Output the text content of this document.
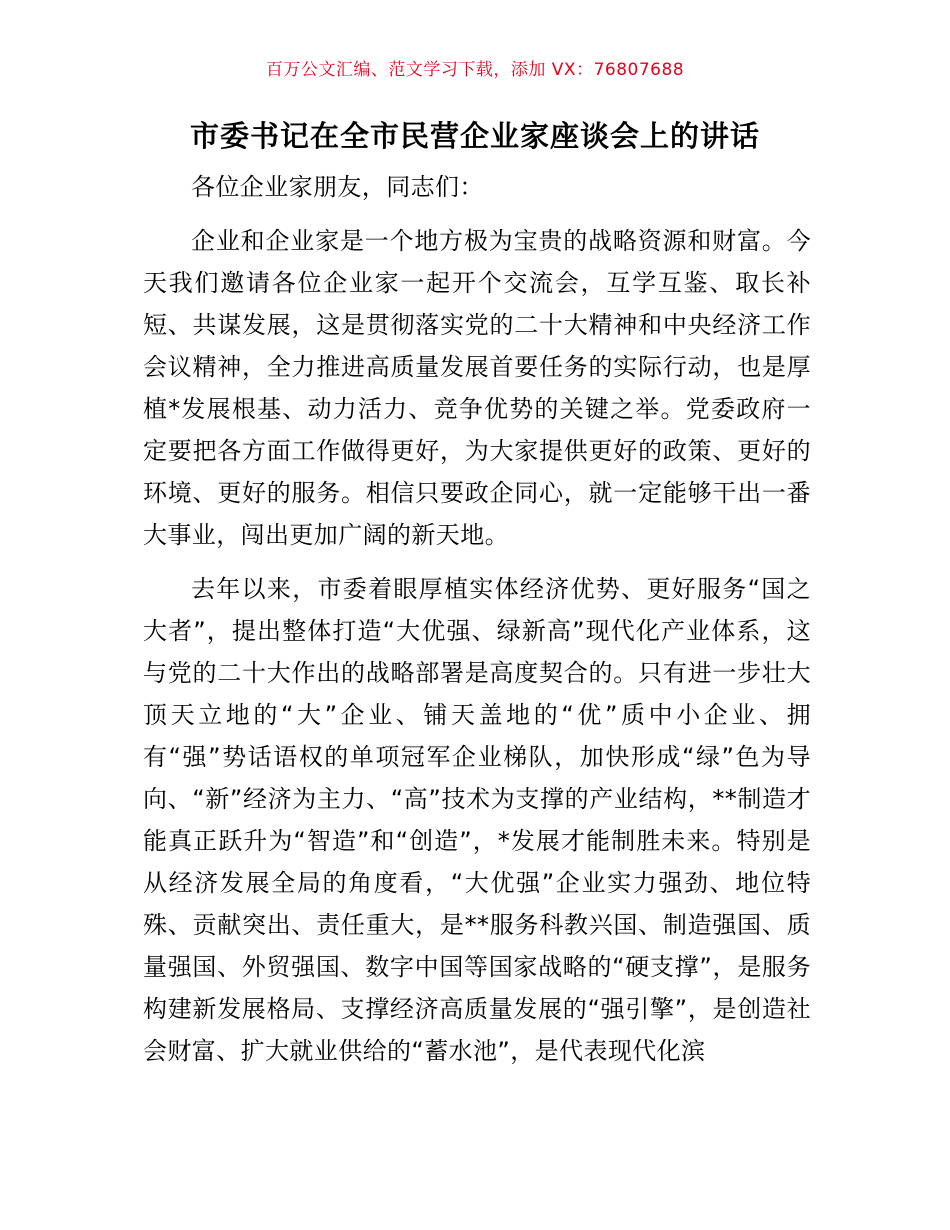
百万公文汇编、范文学习下载，添加 VX：76807688
市委书记在全市民营企业家座谈会上的讲话

各位企业家朋友，同志们：

企业和企业家是一个地方极为宝贵的战略资源和财富。今天我们邀请各位企业家一起开个交流会，互学互鉴、取长补短、共谋发展，这是贯彻落实党的二十大精神和中央经济工作会议精神，全力推进高质量发展首要任务的实际行动，也是厚植*发展根基、动力活力、竞争优势的关键之举。党委政府一定要把各方面工作做得更好，为大家提供更好的政策、更好的环境、更好的服务。相信只要政企同心，就一定能够干出一番大事业，闯出更加广阔的新天地。

去年以来，市委着眼厚植实体经济优势、更好服务“国之大者”，提出整体打造“大优强、绿新高”现代化产业体系，这与党的二十大作出的战略部署是高度契合的。只有进一步壮大顶天立地的“大”企业、铺天盖地的“优”质中小企业、拥有“强”势话语权的单项冠军企业梯队，加快形成“绿”色为导向、“新”经济为主力、“高”技术为支撑的产业结构，**制造才能真正跃升为“智造”和“创造”，*发展才能制胜未来。特别是从经济发展全局的角度看，“大优强”企业实力强劲、地位特殊、贡献突出、责任重大，是**服务科教兴国、制造强国、质量强国、外贸强国、数字中国等国家战略的“硬支撑”，是服务构建新发展格局、支撑经济高质量发展的“强引擎”，是创造社会财富、扩大就业供给的“蓄水池”，是代表现代化滨
